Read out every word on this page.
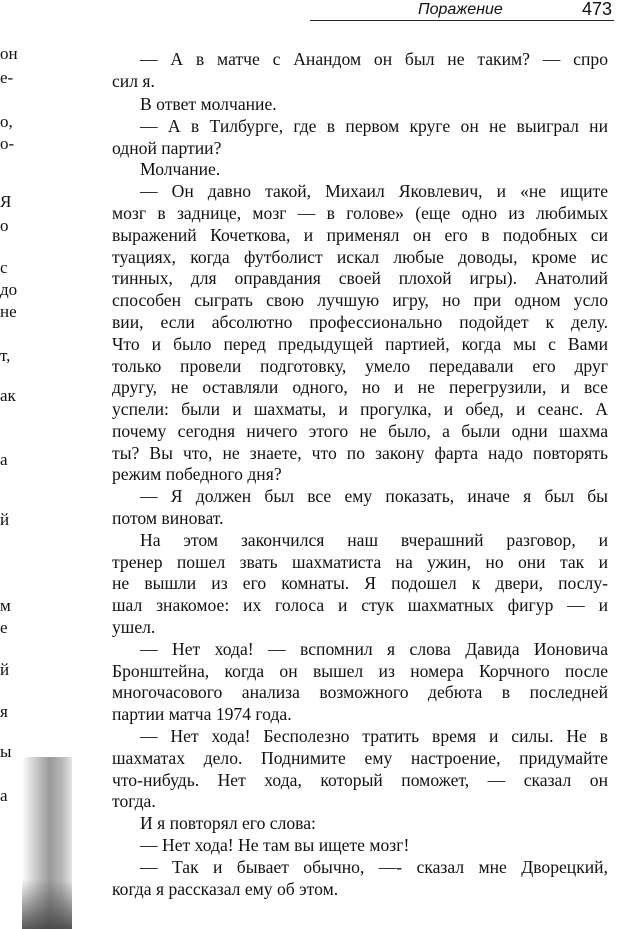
Поражение	473
он
е-
о,
о-
Я
о
с
до
не
т,
ак
а
й
м
е
й
я
ы
а
— А в матче с Анандом он был не таким? — спро
сил я.
В ответ молчание.
— А в Тилбурге, где в первом круге он не выиграл ни
одной партии?
Молчание.
— Он давно такой, Михаил Яковлевич, и «не ищите
мозг в заднице, мозг — в голове» (еще одно из любимых
выражений Кочеткова, и применял он его в подобных си
туациях, когда футболист искал любые доводы, кроме ис
тинных, для оправдания своей плохой игры). Анатолий
способен сыграть свою лучшую игру, но при одном усло
вии, если абсолютно профессионально подойдет к делу.
Что и было перед предыдущей партией, когда мы с Вами
только провели подготовку, умело передавали его друг
другу, не оставляли одного, но и не перегрузили, и все
успели: были и шахматы, и прогулка, и обед, и сеанс. А
почему сегодня ничего этого не было, а были одни шахма
ты? Вы что, не знаете, что по закону фарта надо повторять
режим победного дня?
— Я должен был все ему показать, иначе я был бы
потом виноват.
На этом закончился наш вчерашний разговор, и
тренер пошел звать шахматиста на ужин, но они так и
не вышли из его комнаты. Я подошел к двери, послу-
шал знакомое: их голоса и стук шахматных фигур — и
ушел.
— Нет хода! — вспомнил я слова Давида Ионовича
Бронштейна, когда он вышел из номера Корчного после
многочасового анализа возможного дебюта в последней
партии матча 1974 года.
— Нет хода! Бесполезно тратить время и силы. Не в
шахматах дело. Поднимите ему настроение, придумайте
что-нибудь. Нет хода, который поможет, — сказал он
тогда.
И я повторял его слова:
— Нет хода! Не там вы ищете мозг!
— Так и бывает обычно, —- сказал мне Дворецкий,
когда я рассказал ему об этом.
